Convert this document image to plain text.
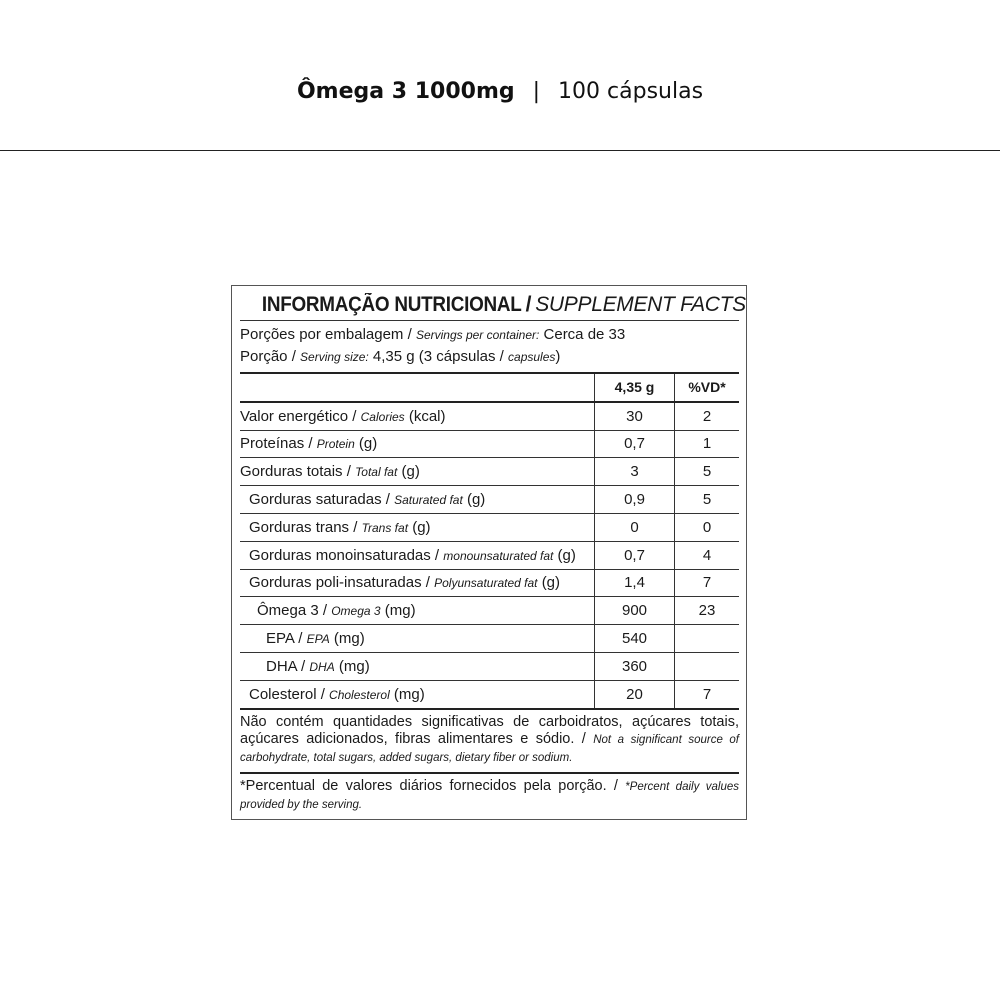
Ômega 3 1000mg | 100 cápsulas
INFORMAÇÃO NUTRICIONAL / SUPPLEMENT FACTS
Porções por embalagem / Servings per container: Cerca de 33
Porção / Serving size: 4,35 g (3 cápsulas / capsules)
	4,35 g	%VD*
Valor energético / Calories (kcal)	30	2
Proteínas / Protein (g)	0,7	1
Gorduras totais / Total fat (g)	3	5
Gorduras saturadas / Saturated fat (g)	0,9	5
Gorduras trans / Trans fat (g)	0	0
Gorduras monoinsaturadas / monounsaturated fat (g)	0,7	4
Gorduras poli-insaturadas / Polyunsaturated fat (g)	1,4	7
Ômega 3 / Omega 3 (mg)	900	23
EPA / EPA (mg)	540	
DHA / DHA (mg)	360	
Colesterol / Cholesterol (mg)	20	7
Não contém quantidades significativas de carboidratos, açúcares totais, açúcares adicionados, fibras alimentares e sódio. / Not a significant source of carbohydrate, total sugars, added sugars, dietary fiber or sodium.
*Percentual de valores diários fornecidos pela porção. / *Percent daily values provided by the serving.
